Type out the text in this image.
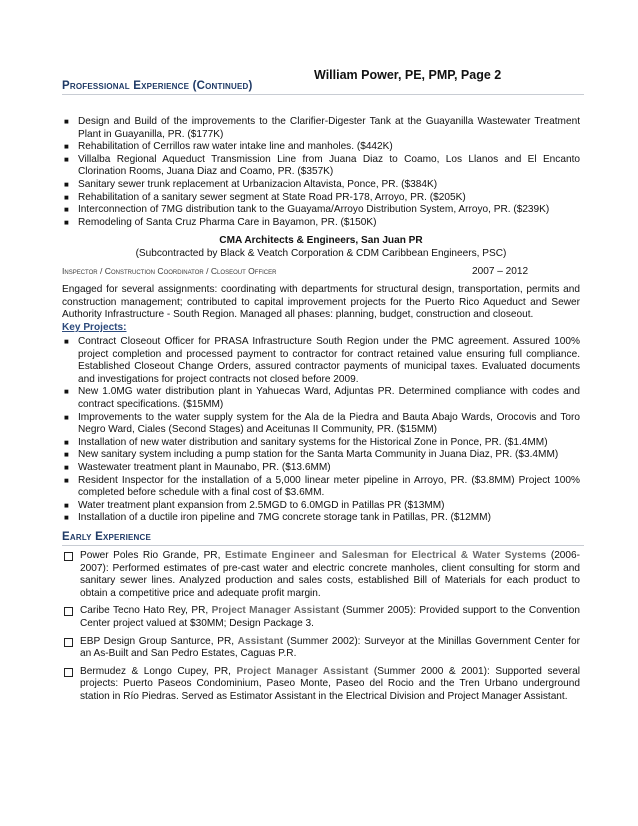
William Power, PE, PMP, Page 2
Professional Experience (Continued)
■ Design and Build of the improvements to the Clarifier-Digester Tank at the Guayanilla Wastewater Treatment Plant in Guayanilla, PR. ($177K)
■ Rehabilitation of Cerrillos raw water intake line and manholes. ($442K)
■ Villalba Regional Aqueduct Transmission Line from Juana Diaz to Coamo, Los Llanos and El Encanto Clorination Rooms, Juana Diaz and Coamo, PR. ($357K)
■ Sanitary sewer trunk replacement at Urbanizacion Altavista, Ponce, PR. ($384K)
■ Rehabilitation of a sanitary sewer segment at State Road PR-178, Arroyo, PR. ($205K)
■ Interconnection of 7MG distribution tank to the Guayama/Arroyo Distribution System, Arroyo, PR. ($239K)
■ Remodeling of Santa Cruz Pharma Care in Bayamon, PR. ($150K)
CMA Architects & Engineers, San Juan PR
(Subcontracted by Black & Veatch Corporation & CDM Caribbean Engineers, PSC)
Inspector / Construction Coordinator / Closeout Officer	2007 – 2012
Engaged for several assignments: coordinating with departments for structural design, transportation, permits and construction management; contributed to capital improvement projects for the Puerto Rico Aqueduct and Sewer Authority Infrastructure - South Region. Managed all phases: planning, budget, construction and closeout.
Key Projects:
■ Contract Closeout Officer for PRASA Infrastructure South Region under the PMC agreement. Assured 100% project completion and processed payment to contractor for contract retained value ensuring full compliance. Established Closeout Change Orders, assured contractor payments of municipal taxes. Evaluated documents and investigations for project contracts not closed before 2009.
■ New 1.0MG water distribution plant in Yahuecas Ward, Adjuntas PR. Determined compliance with codes and contract specifications. ($15MM)
■ Improvements to the water supply system for the Ala de la Piedra and Bauta Abajo Wards, Orocovis and Toro Negro Ward, Ciales (Second Stages) and Aceitunas II Community, PR. ($15MM)
■ Installation of new water distribution and sanitary systems for the Historical Zone in Ponce, PR. ($1.4MM)
■ New sanitary system including a pump station for the Santa Marta Community in Juana Diaz, PR. ($3.4MM)
■ Wastewater treatment plant in Maunabo, PR. ($13.6MM)
■ Resident Inspector for the installation of a 5,000 linear meter pipeline in Arroyo, PR. ($3.8MM) Project 100% completed before schedule with a final cost of $3.6MM.
■ Water treatment plant expansion from 2.5MGD to 6.0MGD in Patillas PR ($13MM)
■ Installation of a ductile iron pipeline and 7MG concrete storage tank in Patillas, PR. ($12MM)
Early Experience
Power Poles Rio Grande, PR, Estimate Engineer and Salesman for Electrical & Water Systems (2006-2007): Performed estimates of pre-cast water and electric concrete manholes, client consulting for storm and sanitary sewer lines. Analyzed production and sales costs, established Bill of Materials for each product to obtain a competitive price and adequate profit margin.
Caribe Tecno Hato Rey, PR, Project Manager Assistant (Summer 2005): Provided support to the Convention Center project valued at $30MM; Design Package 3.
EBP Design Group Santurce, PR, Assistant (Summer 2002): Surveyor at the Minillas Government Center for an As-Built and San Pedro Estates, Caguas P.R.
Bermudez & Longo Cupey, PR, Project Manager Assistant (Summer 2000 & 2001): Supported several projects: Puerto Paseos Condominium, Paseo Monte, Paseo del Rocio and the Tren Urbano underground station in Río Piedras. Served as Estimator Assistant in the Electrical Division and Project Manager Assistant.
